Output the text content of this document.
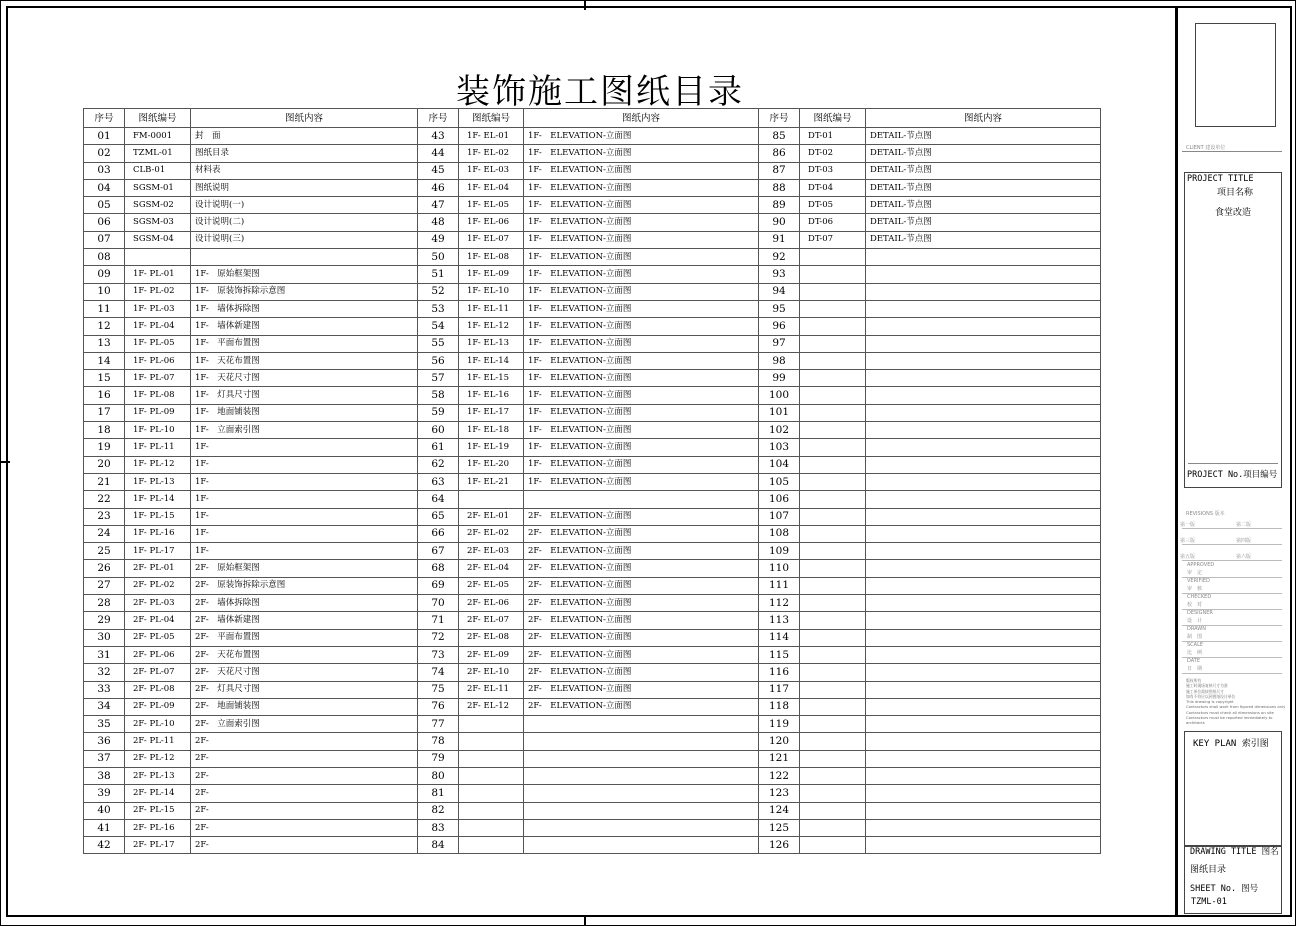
装饰施工图纸目录
序号	图纸编号	图纸内容	序号	图纸编号	图纸内容	序号	图纸编号	图纸内容
01	FM-0001	封　面	43	1F- EL-01	1F-　ELEVATION-立面图	85	DT-01	DETAIL-节点图
02	TZML-01	图纸目录	44	1F- EL-02	1F-　ELEVATION-立面图	86	DT-02	DETAIL-节点图
03	CLB-01	材料表	45	1F- EL-03	1F-　ELEVATION-立面图	87	DT-03	DETAIL-节点图
04	SGSM-01	图纸说明	46	1F- EL-04	1F-　ELEVATION-立面图	88	DT-04	DETAIL-节点图
05	SGSM-02	设计说明(一)	47	1F- EL-05	1F-　ELEVATION-立面图	89	DT-05	DETAIL-节点图
06	SGSM-03	设计说明(二)	48	1F- EL-06	1F-　ELEVATION-立面图	90	DT-06	DETAIL-节点图
07	SGSM-04	设计说明(三)	49	1F- EL-07	1F-　ELEVATION-立面图	91	DT-07	DETAIL-节点图
08			50	1F- EL-08	1F-　ELEVATION-立面图	92		
09	1F- PL-01	1F-　原始框架图	51	1F- EL-09	1F-　ELEVATION-立面图	93		
10	1F- PL-02	1F-　原装饰拆除示意图	52	1F- EL-10	1F-　ELEVATION-立面图	94		
11	1F- PL-03	1F-　墙体拆除图	53	1F- EL-11	1F-　ELEVATION-立面图	95		
12	1F- PL-04	1F-　墙体新建图	54	1F- EL-12	1F-　ELEVATION-立面图	96		
13	1F- PL-05	1F-　平面布置图	55	1F- EL-13	1F-　ELEVATION-立面图	97		
14	1F- PL-06	1F-　天花布置图	56	1F- EL-14	1F-　ELEVATION-立面图	98		
15	1F- PL-07	1F-　天花尺寸图	57	1F- EL-15	1F-　ELEVATION-立面图	99		
16	1F- PL-08	1F-　灯具尺寸图	58	1F- EL-16	1F-　ELEVATION-立面图	100		
17	1F- PL-09	1F-　地面铺装图	59	1F- EL-17	1F-　ELEVATION-立面图	101		
18	1F- PL-10	1F-　立面索引图	60	1F- EL-18	1F-　ELEVATION-立面图	102		
19	1F- PL-11	1F-	61	1F- EL-19	1F-　ELEVATION-立面图	103		
20	1F- PL-12	1F-	62	1F- EL-20	1F-　ELEVATION-立面图	104		
21	1F- PL-13	1F-	63	1F- EL-21	1F-　ELEVATION-立面图	105		
22	1F- PL-14	1F-	64			106		
23	1F- PL-15	1F-	65	2F- EL-01	2F-　ELEVATION-立面图	107		
24	1F- PL-16	1F-	66	2F- EL-02	2F-　ELEVATION-立面图	108		
25	1F- PL-17	1F-	67	2F- EL-03	2F-　ELEVATION-立面图	109		
26	2F- PL-01	2F-　原始框架图	68	2F- EL-04	2F-　ELEVATION-立面图	110		
27	2F- PL-02	2F-　原装饰拆除示意图	69	2F- EL-05	2F-　ELEVATION-立面图	111		
28	2F- PL-03	2F-　墙体拆除图	70	2F- EL-06	2F-　ELEVATION-立面图	112		
29	2F- PL-04	2F-　墙体新建图	71	2F- EL-07	2F-　ELEVATION-立面图	113		
30	2F- PL-05	2F-　平面布置图	72	2F- EL-08	2F-　ELEVATION-立面图	114		
31	2F- PL-06	2F-　天花布置图	73	2F- EL-09	2F-　ELEVATION-立面图	115		
32	2F- PL-07	2F-　天花尺寸图	74	2F- EL-10	2F-　ELEVATION-立面图	116		
33	2F- PL-08	2F-　灯具尺寸图	75	2F- EL-11	2F-　ELEVATION-立面图	117		
34	2F- PL-09	2F-　地面铺装图	76	2F- EL-12	2F-　ELEVATION-立面图	118		
35	2F- PL-10	2F-　立面索引图	77			119		
36	2F- PL-11	2F-	78			120		
37	2F- PL-12	2F-	79			121		
38	2F- PL-13	2F-	80			122		
39	2F- PL-14	2F-	81			123		
40	2F- PL-15	2F-	82			124		
41	2F- PL-16	2F-	83			125		
42	2F- PL-17	2F-	84			126		
CLIENT 建设单位
PROJECT TITLE
项目名称
食堂改造
PROJECT No.项目编号
REVISIONS 版本
第一版	第二版
第三版	第四版
第五版	第六版
APPROVED
审　定
VERIFIED
审　核
CHECKED
校　对
DESIGNER
设　计
DRAWN
制　图
SCALE
比　例
DATE
日　期
版权所有
施工时現场复核尺寸为准
施工单位需按图纸尺寸
如有不符应以到图纸设计单位
This drawing is copyright
Contractors shall work from figured dimensions only
Contractors must check all dimensions on site
Contractors must be reported immediately to architects
KEY PLAN 索引图
DRAWING TITLE 图名
图纸目录
SHEET No. 图号
TZML-01
